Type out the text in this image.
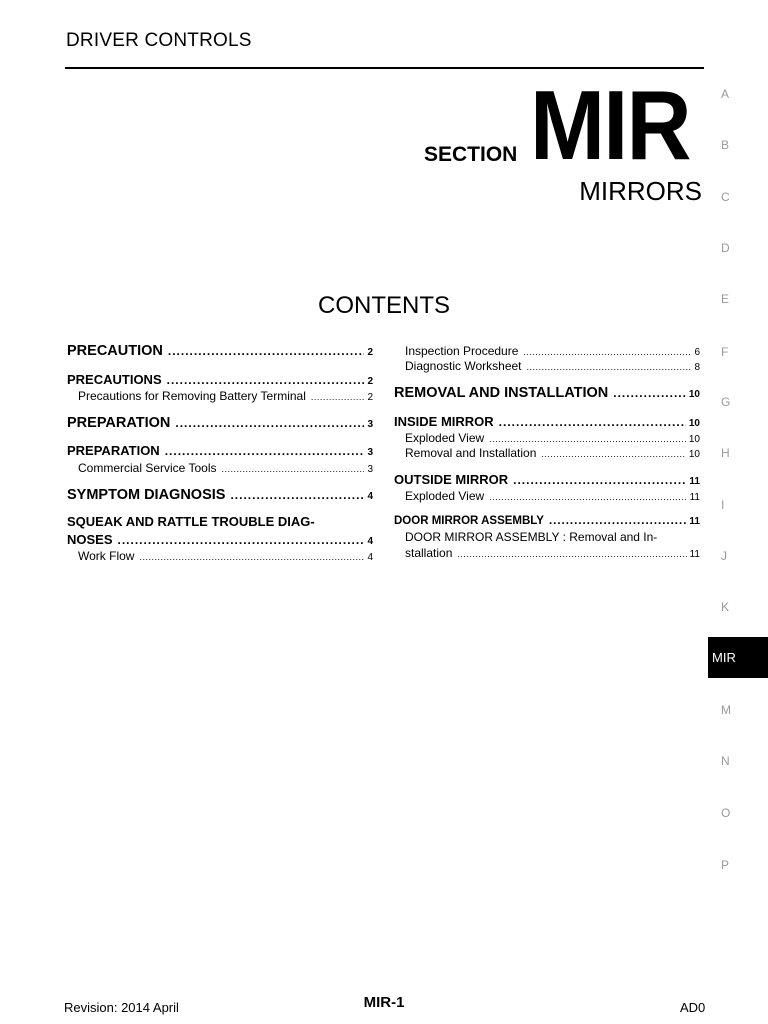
DRIVER CONTROLS
SECTION MIR
MIRRORS
CONTENTS
PRECAUTION .....	2
PRECAUTIONS .....	2
Precautions for Removing Battery Terminal .....	2
PREPARATION .....	3
PREPARATION .....	3
Commercial Service Tools .....	3
SYMPTOM DIAGNOSIS .....	4
SQUEAK AND RATTLE TROUBLE DIAG-
NOSES .....	4
Work Flow .....	4
Inspection Procedure .....	6
Diagnostic Worksheet .....	8
REMOVAL AND INSTALLATION .....	10
INSIDE MIRROR .....	10
Exploded View .....	10
Removal and Installation .....	10
OUTSIDE MIRROR .....	11
Exploded View .....	11
DOOR MIRROR ASSEMBLY .....	11
DOOR MIRROR ASSEMBLY : Removal and In-
stallation .....	11
A
B
C
D
E
F
G
H
I
J
K
MIR
M
N
O
P
Revision: 2014 April	MIR-1	AD0
